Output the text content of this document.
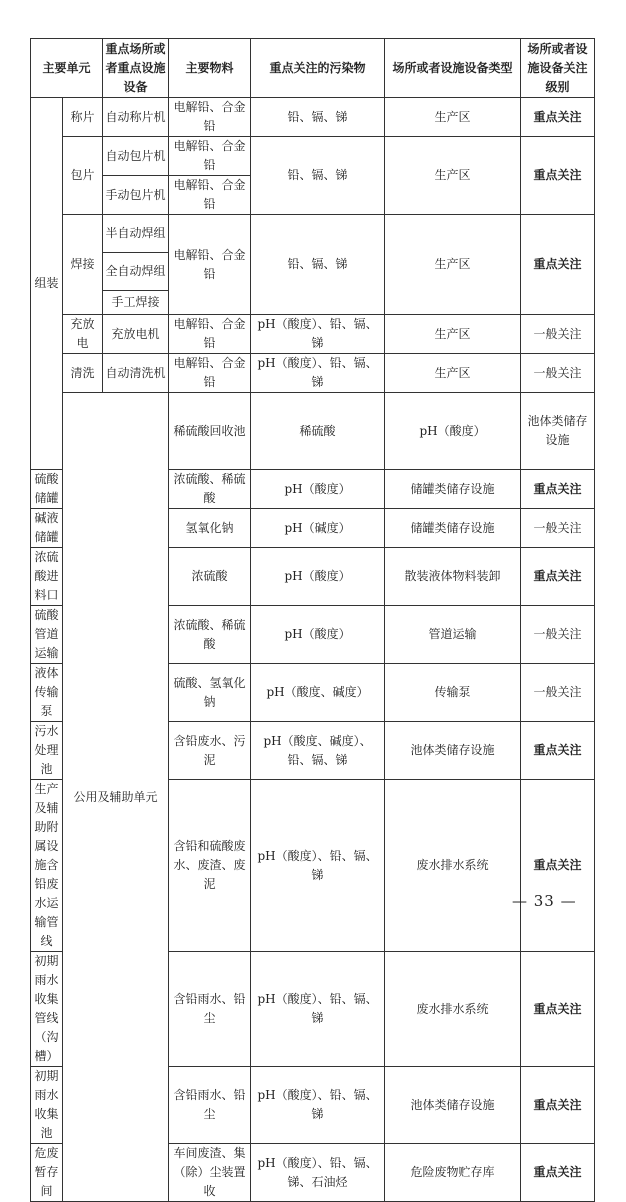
主要单元		重点场所或者重点设施设备	主要物料	重点关注的污染物	场所或者设施设备类型	场所或者设施设备关注级别	
组装	称片	自动称片机	电解铅、合金铅	铅、镉、锑	生产区	重点关注	
	包片	自动包片机	电解铅、合金铅	铅、镉、锑	生产区	重点关注	
		手动包片机	电解铅、合金铅				
	焊接	半自动焊组	电解铅、合金铅	铅、镉、锑	生产区	重点关注	
		全自动焊组					
		手工焊接					
	充放电	充放电机	电解铅、合金铅	pH（酸度）、铅、镉、锑	生产区	一般关注	
	清洗	自动清洗机	电解铅、合金铅	pH（酸度）、铅、镉、锑	生产区	一般关注	
	公用及辅助单元		稀硫酸回收池	稀硫酸	pH（酸度）	池体类储存设施	
硫酸储罐			浓硫酸、稀硫酸	pH（酸度）	储罐类储存设施	重点关注	
碱液储罐			氢氧化钠	pH（碱度）	储罐类储存设施	一般关注	
浓硫酸进料口			浓硫酸	pH（酸度）	散装液体物料装卸	重点关注	
硫酸管道运输			浓硫酸、稀硫酸	pH（酸度）	管道运输	一般关注	
液体传输泵			硫酸、氢氧化钠	pH（酸度、碱度）	传输泵	一般关注	
污水处理池			含铅废水、污泥	pH（酸度、碱度）、铅、镉、锑	池体类储存设施	重点关注	
生产及辅助附属设施含铅废水运输管线			含铅和硫酸废水、废渣、废泥	pH（酸度）、铅、镉、锑	废水排水系统	重点关注	
初期雨水收集管线（沟槽）			含铅雨水、铅尘	pH（酸度）、铅、镉、锑	废水排水系统	重点关注	
初期雨水收集池			含铅雨水、铅尘	pH（酸度）、铅、镉、锑	池体类储存设施	重点关注	
危废暂存间			车间废渣、集（除）尘装置收	pH（酸度）、铅、镉、锑、石油烃	危险废物贮存库	重点关注	
— 33 —
